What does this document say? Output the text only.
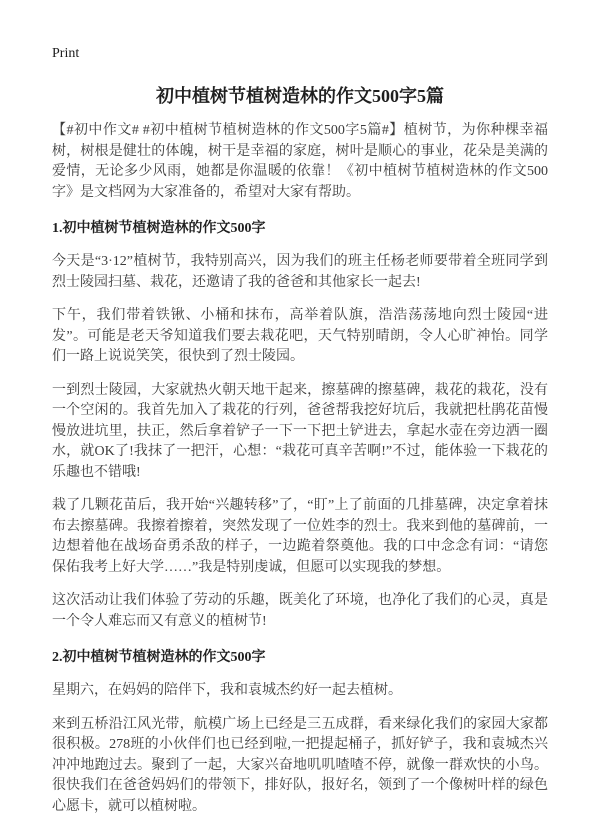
Print
初中植树节植树造林的作文500字5篇

【#初中作文# #初中植树节植树造林的作文500字5篇#】植树节，为你种棵幸福树，树根是健壮的体魄，树干是幸福的家庭，树叶是顺心的事业，花朵是美满的爱情，无论多少风雨，她都是你温暖的依靠！《初中植树节植树造林的作文500字》是文档网为大家准备的，希望对大家有帮助。

1.初中植树节植树造林的作文500字

今天是“3·12”植树节，我特别高兴，因为我们的班主任杨老师要带着全班同学到烈士陵园扫墓、栽花，还邀请了我的爸爸和其他家长一起去!

下午，我们带着铁锹、小桶和抹布，高举着队旗，浩浩荡荡地向烈士陵园“进发”。可能是老天爷知道我们要去栽花吧，天气特别晴朗，令人心旷神怡。同学们一路上说说笑笑，很快到了烈士陵园。

一到烈士陵园，大家就热火朝天地干起来，擦墓碑的擦墓碑，栽花的栽花，没有一个空闲的。我首先加入了栽花的行列，爸爸帮我挖好坑后，我就把杜鹃花苗慢慢放进坑里，扶正，然后拿着铲子一下一下把土铲进去，拿起水壶在旁边洒一圈水，就OK了!我抹了一把汗，心想：“栽花可真辛苦啊!”不过，能体验一下栽花的乐趣也不错哦!

栽了几颗花苗后，我开始“兴趣转移”了，“盯”上了前面的几排墓碑，决定拿着抹布去擦墓碑。我擦着擦着，突然发现了一位姓李的烈士。我来到他的墓碑前，一边想着他在战场奋勇杀敌的样子，一边跪着祭奠他。我的口中念念有词：“请您保佑我考上好大学……”我是特别虔诚，但愿可以实现我的梦想。

这次活动让我们体验了劳动的乐趣，既美化了环境，也净化了我们的心灵，真是一个令人难忘而又有意义的植树节!

2.初中植树节植树造林的作文500字

星期六，在妈妈的陪伴下，我和袁城杰约好一起去植树。

来到五桥沿江风光带，航模广场上已经是三五成群，看来绿化我们的家园大家都很积极。278班的小伙伴们也已经到啦,一把提起桶子，抓好铲子，我和袁城杰兴冲冲地跑过去。聚到了一起，大家兴奋地叽叽喳喳不停，就像一群欢快的小鸟。很快我们在爸爸妈妈们的带领下，排好队，报好名，领到了一个像树叶样的绿色心愿卡，就可以植树啦。
